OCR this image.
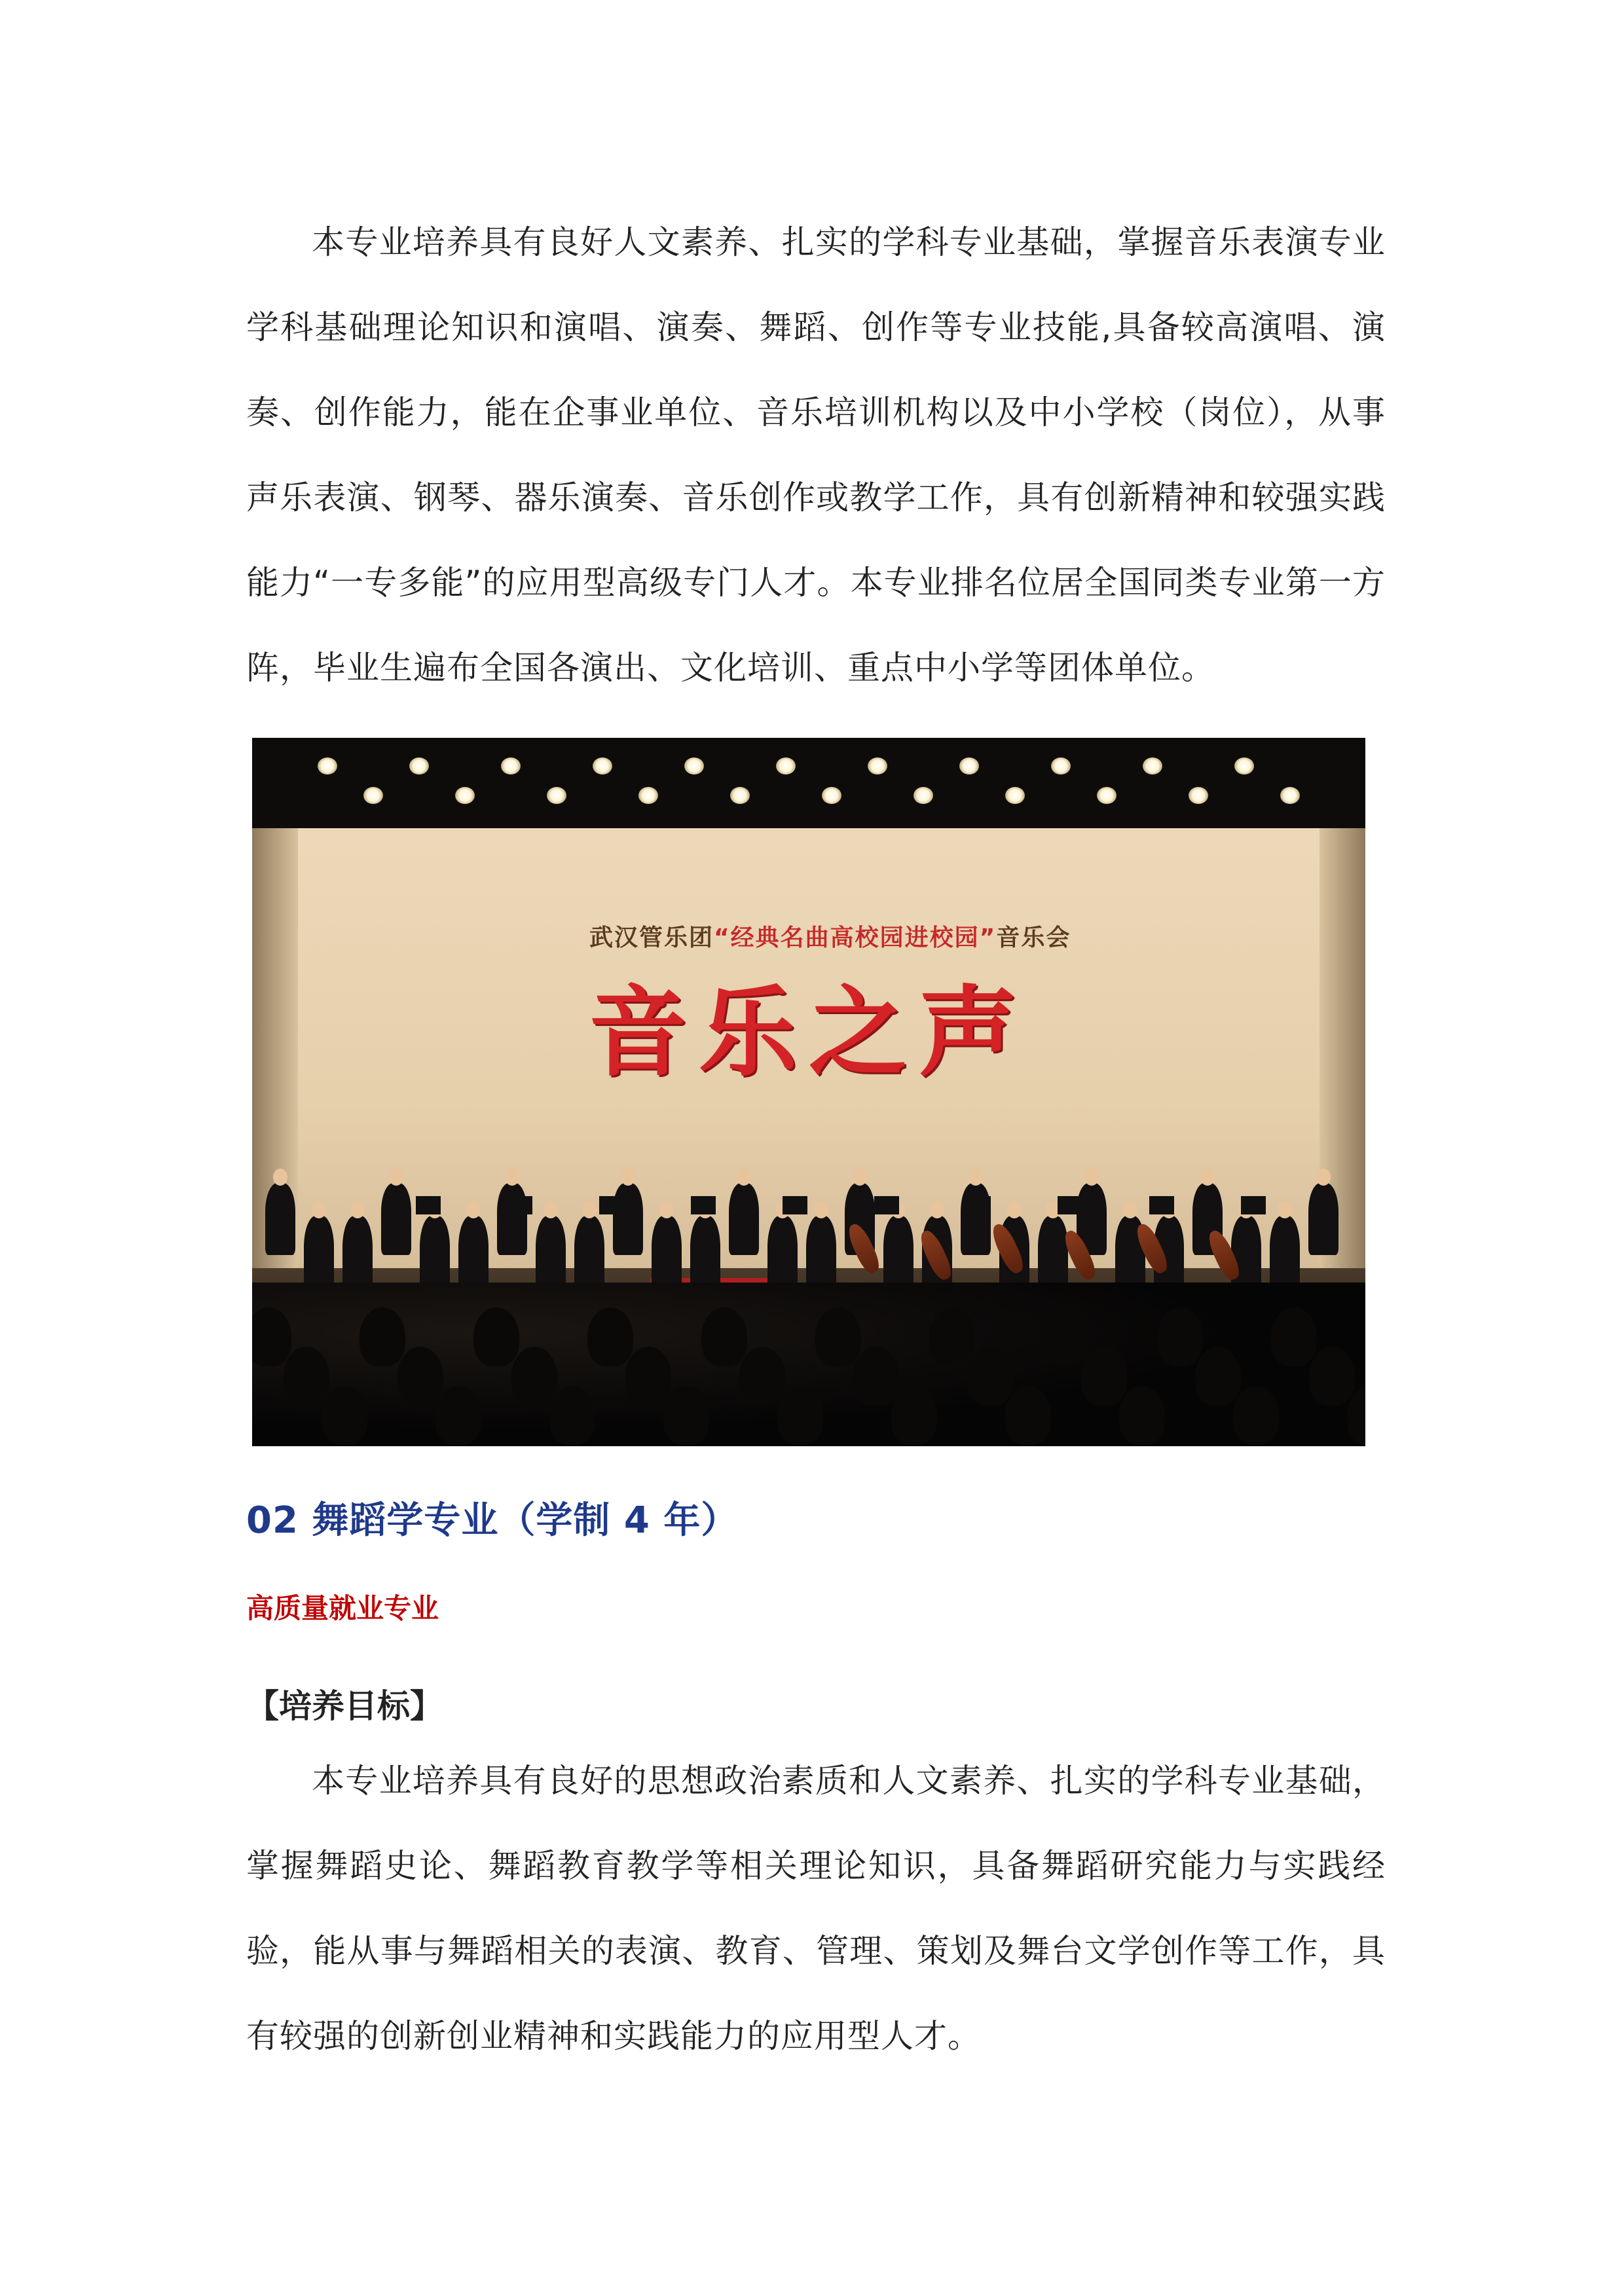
本专业培养具有良好人文素养、扎实的学科专业基础，掌握音乐表演专业学科基础理论知识和演唱、演奏、舞蹈、创作等专业技能,具备较高演唱、演奏、创作能力，能在企事业单位、音乐培训机构以及中小学校（岗位），从事声乐表演、钢琴、器乐演奏、音乐创作或教学工作，具有创新精神和较强实践能力“一专多能”的应用型高级专门人才。本专业排名位居全国同类专业第一方阵，毕业生遍布全国各演出、文化培训、重点中小学等团体单位。

武汉管乐团“经典名曲高校园进校园”音乐会
音乐之声
02 舞蹈学专业（学制 4 年）
高质量就业专业
【培养目标】

本专业培养具有良好的思想政治素质和人文素养、扎实的学科专业基础，掌握舞蹈史论、舞蹈教育教学等相关理论知识，具备舞蹈研究能力与实践经验，能从事与舞蹈相关的表演、教育、管理、策划及舞台文学创作等工作，具有较强的创新创业精神和实践能力的应用型人才。
